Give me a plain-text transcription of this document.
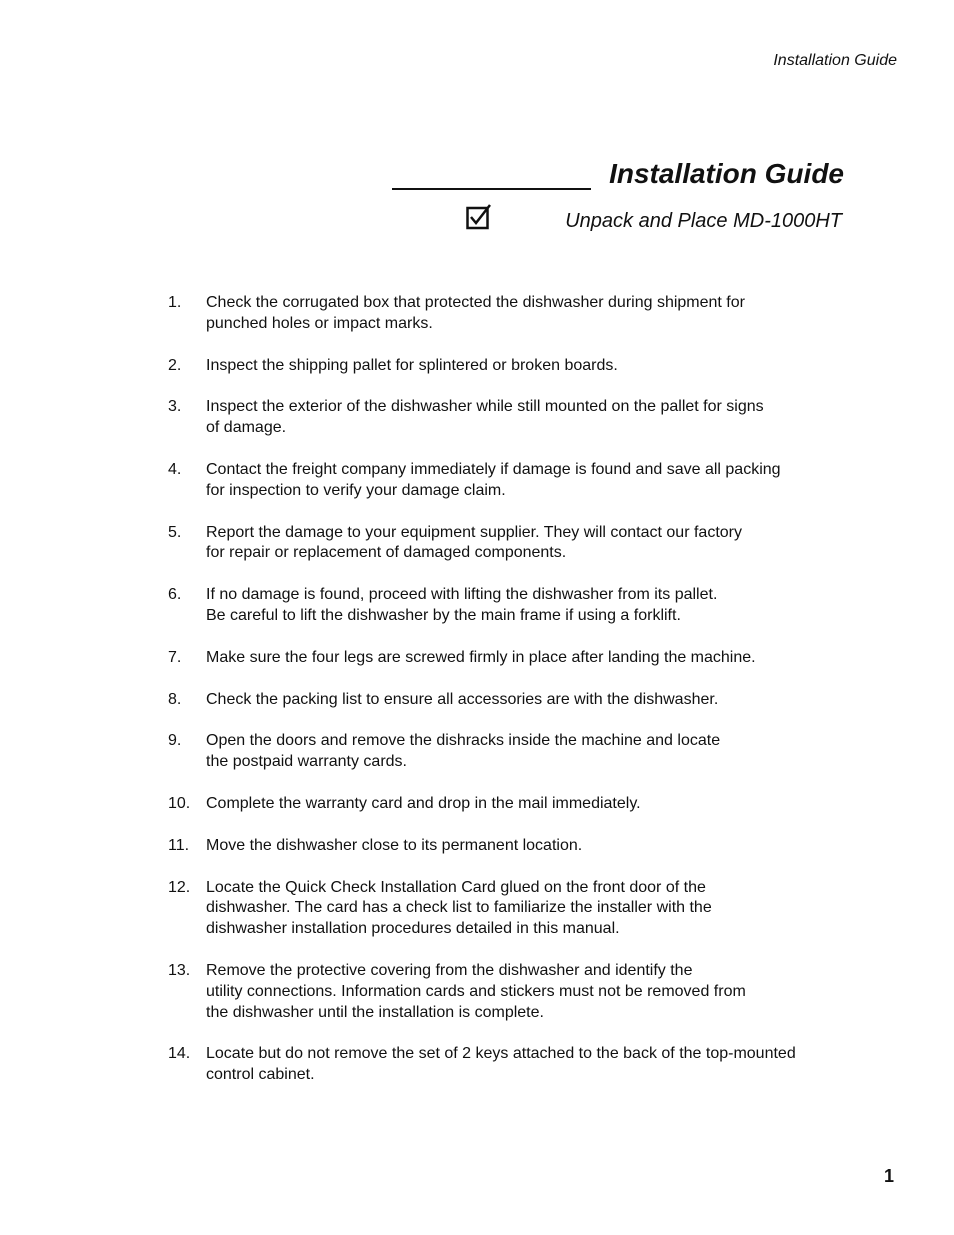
Installation Guide
Installation Guide
Unpack and Place MD-1000HT
1. Check the corrugated box that protected the dishwasher during shipment for
punched holes or impact marks.
2. Inspect the shipping pallet for splintered or broken boards.
3. Inspect the exterior of the dishwasher while still mounted on the pallet for signs
of damage.
4. Contact the freight company immediately if damage is found and save all packing
for inspection to verify your damage claim.
5. Report the damage to your equipment supplier. They will contact our factory
for repair or replacement of damaged components.
6. If no damage is found, proceed with lifting the dishwasher from its pallet.
Be careful to lift the dishwasher by the main frame if using a forklift.
7. Make sure the four legs are screwed firmly in place after landing the machine.
8. Check the packing list to ensure all accessories are with the dishwasher.
9. Open the doors and remove the dishracks inside the machine and locate
the postpaid warranty cards.
10. Complete the warranty card and drop in the mail immediately.
11. Move the dishwasher close to its permanent location.
12. Locate the Quick Check Installation Card glued on the front door of the
dishwasher. The card has a check list to familiarize the installer with the
dishwasher installation procedures detailed in this manual.
13. Remove the protective covering from the dishwasher and identify the
utility connections. Information cards and stickers must not be removed from
the dishwasher until the installation is complete.
14. Locate but do not remove the set of 2 keys attached to the back of the top-mounted
control cabinet.
1
